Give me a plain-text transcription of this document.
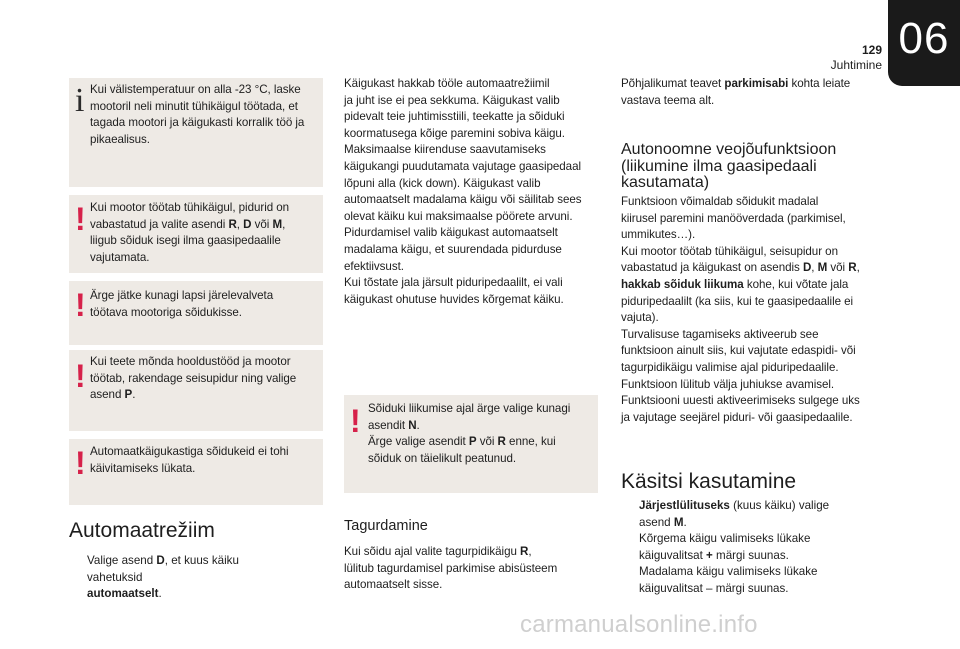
129
Juhtimine
06
i Kui välistemperatuur on alla -23 °C, laske
mootoril neli minutit tühikäigul töötada, et
tagada mootori ja käigukasti korralik töö ja
pikaealisus.
! Kui mootor töötab tühikäigul, pidurid on
vabastatud ja valite asendi R, D või M,
liigub sõiduk isegi ilma gaasipedaalile
vajutamata.
! Ärge jätke kunagi lapsi järelevalveta
töötava mootoriga sõidukisse.
! Kui teete mõnda hooldustööd ja mootor
töötab, rakendage seisupidur ning valige
asend P.
! Automaatkäigukastiga sõidukeid ei tohi
käivitamiseks lükata.
Automaatrežiim
Valige asend D, et kuus käiku vahetuksid
automaatselt.
Käigukast hakkab tööle automaatrežiimil
ja juht ise ei pea sekkuma. Käigukast valib
pidevalt teie juhtimisstiili, teekatte ja sõiduki
koormatusega kõige paremini sobiva käigu.
Maksimaalse kiirenduse saavutamiseks
käigukangi puudutamata vajutage gaasipedaal
lõpuni alla (kick down). Käigukast valib
automaatselt madalama käigu või säilitab sees
olevat käiku kui maksimaalse pöörete arvuni.
Pidurdamisel valib käigukast automaatselt
madalama käigu, et suurendada pidurduse
efektiivsust.
Kui tõstate jala järsult piduripedaalilt, ei vali
käigukast ohutuse huvides kõrgemat käiku.
! Sõiduki liikumise ajal ärge valige kunagi
asendit N.
Ärge valige asendit P või R enne, kui
sõiduk on täielikult peatunud.
Tagurdamine
Kui sõidu ajal valite tagurpidikäigu R,
lülitub tagurdamisel parkimise abisüsteem
automaatselt sisse.
Põhjalikumat teavet parkimisabi kohta leiate
vastava teema alt.
Autonoomne veojõufunktsioon
(liikumine ilma gaasipedaali
kasutamata)
Funktsioon võimaldab sõidukit madalal
kiirusel paremini manööverdada (parkimisel,
ummikutes…).
Kui mootor töötab tühikäigul, seisupidur on
vabastatud ja käigukast on asendis D, M või R,
hakkab sõiduk liikuma kohe, kui võtate jala
piduripedaalilt (ka siis, kui te gaasipedaalile ei
vajuta).
Turvalisuse tagamiseks aktiveerub see
funktsioon ainult siis, kui vajutate edaspidi- või
tagurpidikäigu valimise ajal piduripedaalile.
Funktsioon lülitub välja juhiukse avamisel.
Funktsiooni uuesti aktiveerimiseks sulgege uks
ja vajutage seejärel piduri- või gaasipedaalile.
Käsitsi kasutamine
Järjestlülituseks (kuus käiku) valige
asend M.
Kõrgema käigu valimiseks lükake
käiguvalitsat + märgi suunas.
Madalama käigu valimiseks lükake
käiguvalitsat – märgi suunas.
carmanualsonline.info
